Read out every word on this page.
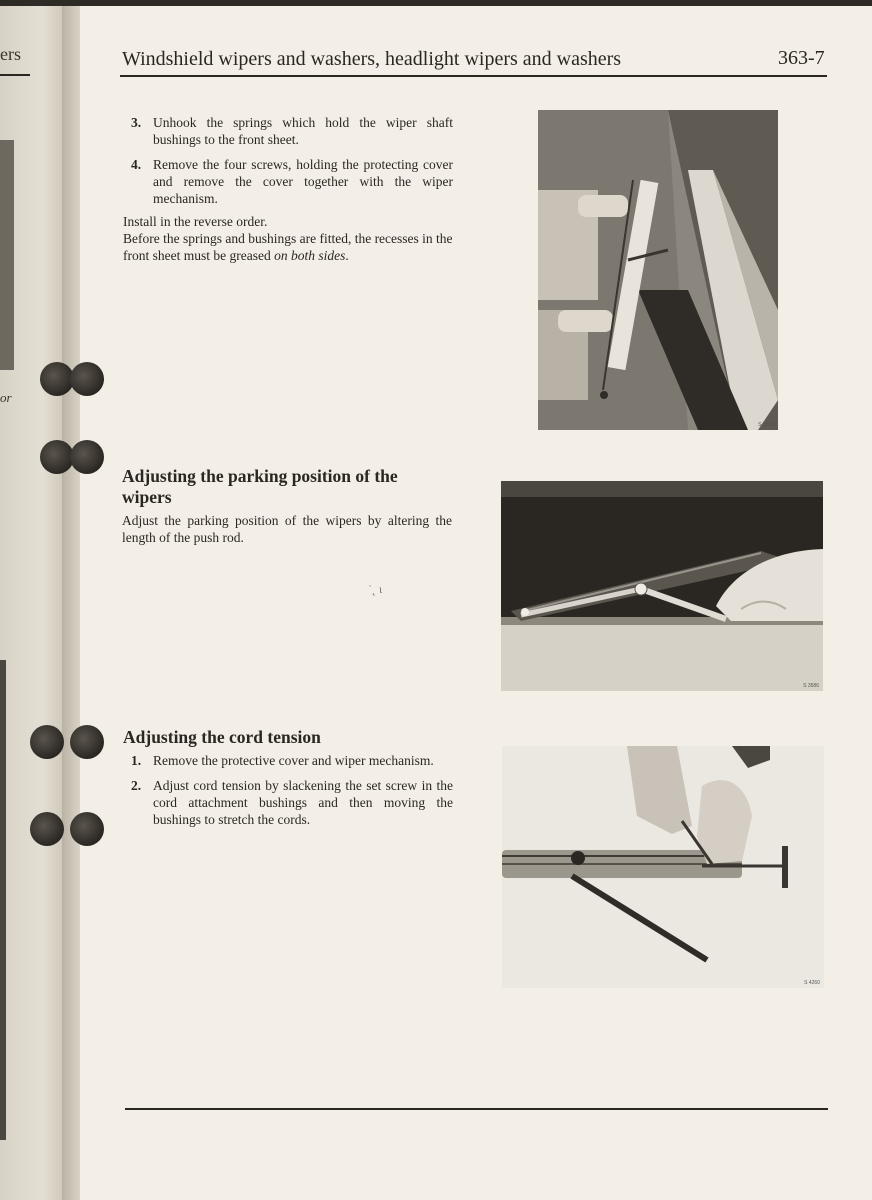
ers
or
Windshield wipers and washers, headlight wipers and washers	363-7
3. Unhook the springs which hold the wiper shaft bushings to the front sheet.
4. Remove the four screws, holding the protecting cover and remove the cover together with the wiper mechanism.

Install in the reverse order.

Before the springs and bushings are fitted, the recesses in the front sheet must be greased on both sides.

S 3586
Adjusting the parking position of the wipers
Adjust the parking position of the wipers by altering the length of the push rod.
˙˛ ι
S 3586
Adjusting the cord tension
1. Remove the protective cover and wiper mechanism.
2. Adjust cord tension by slackening the set screw in the cord attachment bushings and then moving the bushings to stretch the cords.
S 4260
